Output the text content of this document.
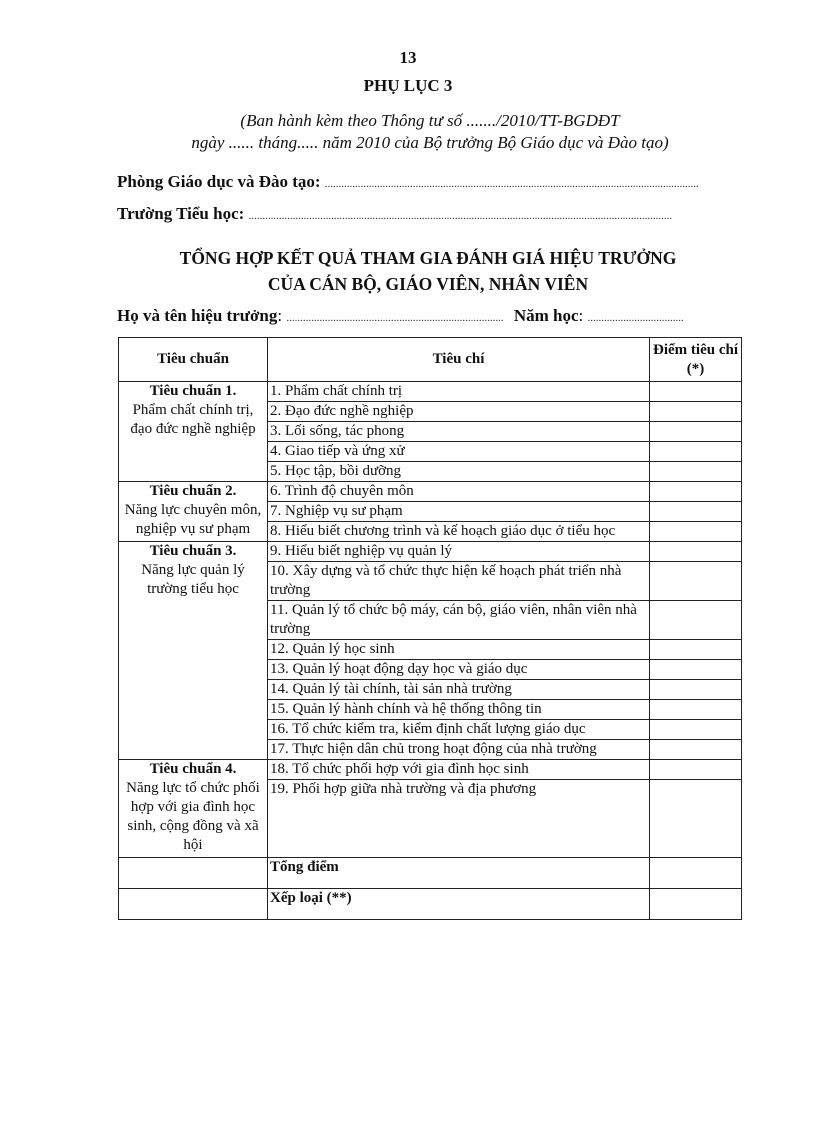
13
PHỤ LỤC 3
(Ban hành kèm theo Thông tư số ......./2010/TT-BGDĐT
ngày ...... tháng..... năm 2010 của Bộ trưởng Bộ Giáo dục và Đào tạo)
Phòng Giáo dục và Đào tạo: ........................................................................................................................................
Trường Tiểu học: ..........................................................................................................................................................
TỔNG HỢP KẾT QUẢ THAM GIA ĐÁNH GIÁ HIỆU TRƯỞNG
CỦA CÁN BỘ, GIÁO VIÊN, NHÂN VIÊN
Họ và tên hiệu trưởng: ............................................................................... Năm học: ...................................
Tiêu chuẩn	Tiêu chí	Điểm tiêu chí (*)

Tiêu chuẩn 1.
Phẩm chất chính trị, đạo đức nghề nghiệp	1. Phẩm chất chính trị	
	2. Đạo đức nghề nghiệp	
	3. Lối sống, tác phong	
	4. Giao tiếp và ứng xử	
	5. Học tập, bồi dưỡng	

Tiêu chuẩn 2.
Năng lực chuyên môn, nghiệp vụ sư phạm	6. Trình độ chuyên môn	
	7. Nghiệp vụ sư phạm	
	8. Hiểu biết chương trình và kế hoạch giáo dục ở tiểu học	

Tiêu chuẩn 3.
Năng lực quản lý trường tiểu học	9. Hiểu biết nghiệp vụ quản lý	
	10. Xây dựng và tổ chức thực hiện kế hoạch phát triển nhà trường	
	11. Quản lý tổ chức bộ máy, cán bộ, giáo viên, nhân viên nhà trường	
	12. Quản lý học sinh	
	13. Quản lý hoạt động dạy học và giáo dục	
	14. Quản lý tài chính, tài sản nhà trường	
	15. Quản lý hành chính và hệ thống thông tin	
	16. Tổ chức kiểm tra, kiểm định chất lượng giáo dục	
	17. Thực hiện dân chủ trong hoạt động của nhà trường	

Tiêu chuẩn 4.
Năng lực tổ chức phối hợp với gia đình học sinh, cộng đồng và xã hội	18. Tổ chức phối hợp với gia đình học sinh	
	19. Phối hợp giữa nhà trường và địa phương	
	Tổng điểm	
	Xếp loại (**)	
